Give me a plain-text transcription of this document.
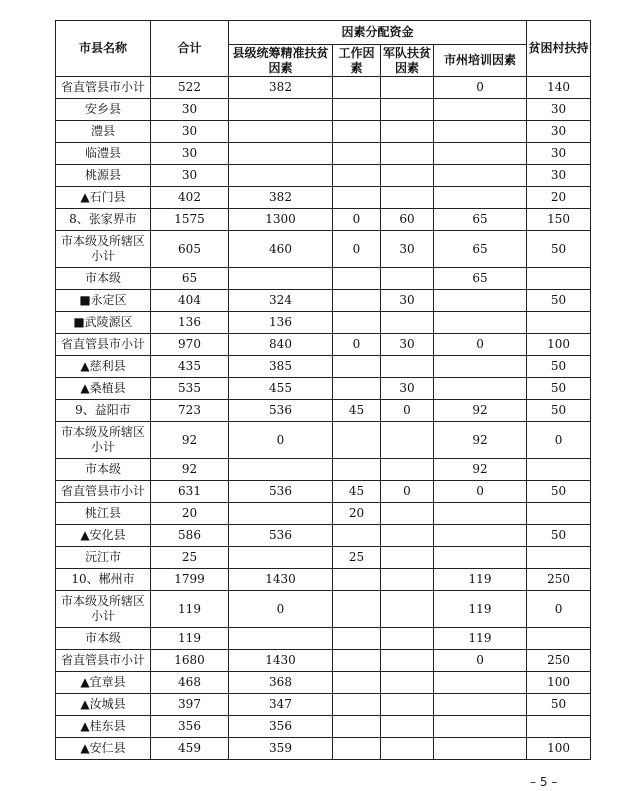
市县名称	合计	因素分配资金				贫困村扶持
		县级统筹精准扶贫因素	工作因素	军队扶贫因素	市州培训因素	
省直管县市小计	522	382			0	140
安乡县	30					30
澧县	30					30
临澧县	30					30
桃源县	30					30
▲石门县	402	382				20
8、张家界市	1575	1300	0	60	65	150
市本级及所辖区小计	605	460	0	30	65	50
市本级	65				65	
■永定区	404	324		30		50
■武陵源区	136	136				
省直管县市小计	970	840	0	30	0	100
▲慈利县	435	385				50
▲桑植县	535	455		30		50
9、益阳市	723	536	45	0	92	50
市本级及所辖区小计	92	0			92	0
市本级	92				92	
省直管县市小计	631	536	45	0	0	50
桃江县	20		20			
▲安化县	586	536				50
沅江市	25		25			
10、郴州市	1799	1430			119	250
市本级及所辖区小计	119	0			119	0
市本级	119				119	
省直管县市小计	1680	1430			0	250
▲宜章县	468	368				100
▲汝城县	397	347				50
▲桂东县	356	356				
▲安仁县	459	359				100
– 5 –
